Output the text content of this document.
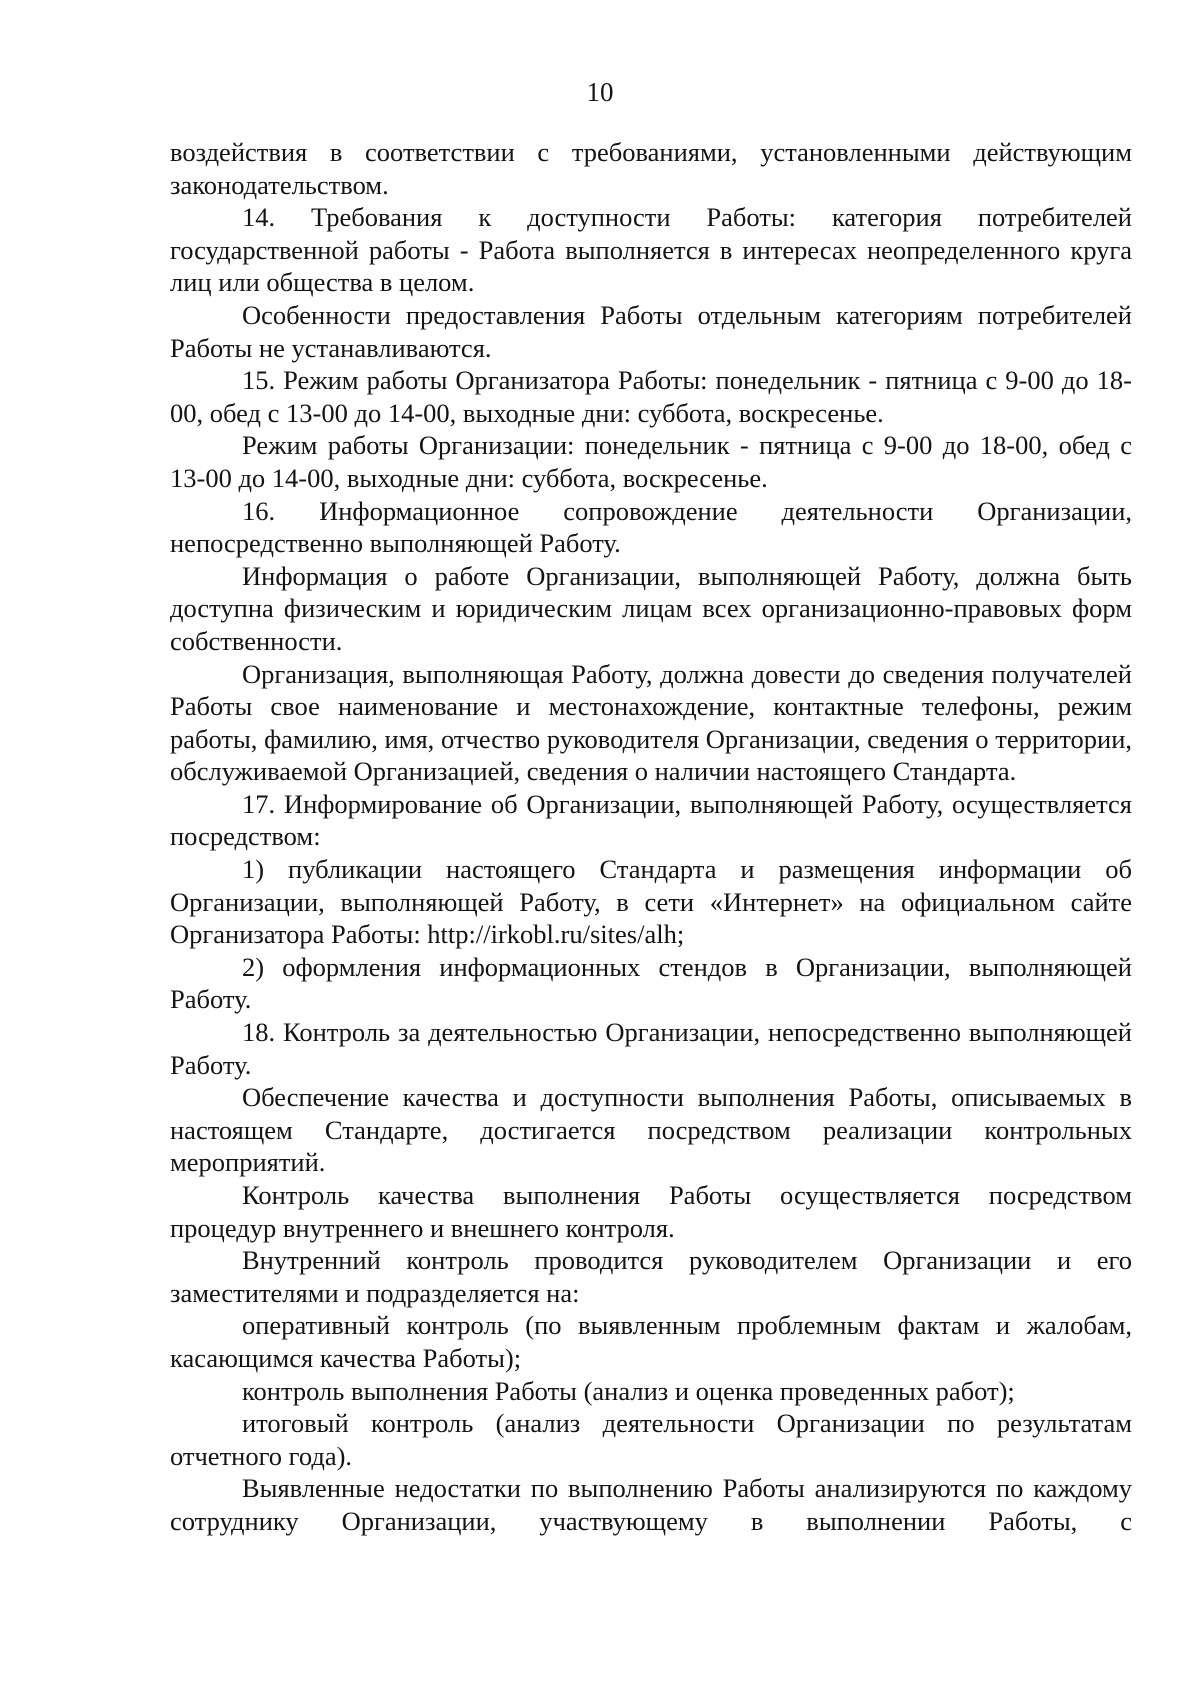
10

воздействия в соответствии с требованиями, установленными действующим законодательством.

14. Требования к доступности Работы: категория потребителей государственной работы - Работа выполняется в интересах неопределенного круга лиц или общества в целом.

Особенности предоставления Работы отдельным категориям потребителей Работы не устанавливаются.

15. Режим работы Организатора Работы: понедельник - пятница с 9-00 до 18-00, обед с 13-00 до 14-00, выходные дни: суббота, воскресенье.

Режим работы Организации: понедельник - пятница с 9-00 до 18-00, обед с 13-00 до 14-00, выходные дни: суббота, воскресенье.

16. Информационное сопровождение деятельности Организации, непосредственно выполняющей Работу.

Информация о работе Организации, выполняющей Работу, должна быть доступна физическим и юридическим лицам всех организационно-правовых форм собственности.

Организация, выполняющая Работу, должна довести до сведения получателей Работы свое наименование и местонахождение, контактные телефоны, режим работы, фамилию, имя, отчество руководителя Организации, сведения о территории, обслуживаемой Организацией, сведения о наличии настоящего Стандарта.

17. Информирование об Организации, выполняющей Работу, осуществляется посредством:

1) публикации настоящего Стандарта и размещения информации об Организации, выполняющей Работу, в сети «Интернет» на официальном сайте Организатора Работы: http://irkobl.ru/sites/alh;

2) оформления информационных стендов в Организации, выполняющей Работу.

18. Контроль за деятельностью Организации, непосредственно выполняющей Работу.

Обеспечение качества и доступности выполнения Работы, описываемых в настоящем Стандарте, достигается посредством реализации контрольных мероприятий.

Контроль качества выполнения Работы осуществляется посредством процедур внутреннего и внешнего контроля.

Внутренний контроль проводится руководителем Организации и его заместителями и подразделяется на:

оперативный контроль (по выявленным проблемным фактам и жалобам, касающимся качества Работы);

контроль выполнения Работы (анализ и оценка проведенных работ);

итоговый контроль (анализ деятельности Организации по результатам отчетного года).

Выявленные недостатки по выполнению Работы анализируются по каждому сотруднику Организации, участвующему в выполнении Работы, с
